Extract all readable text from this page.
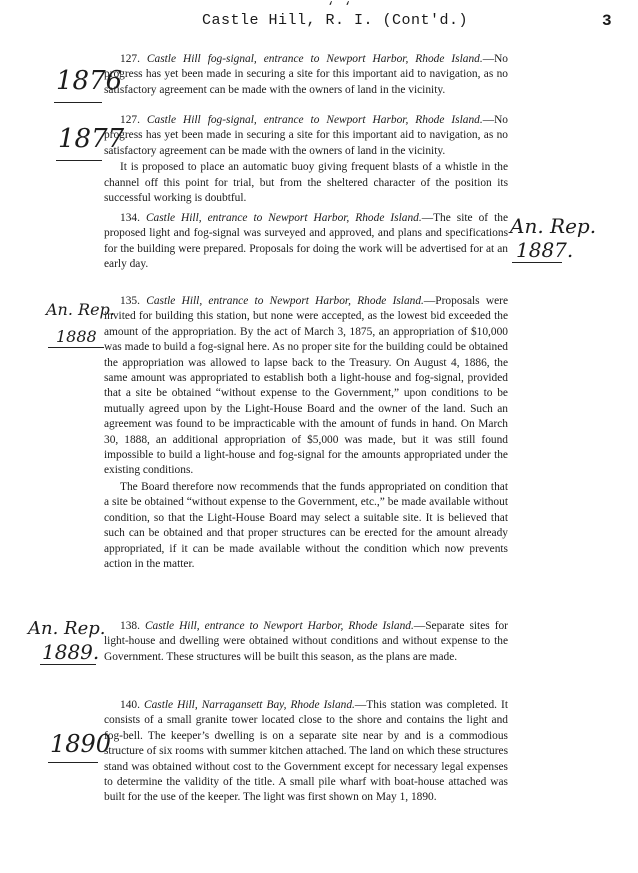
Castle Hill, R. I. (Cont'd.)	3
‘ ‘

127. Castle Hill fog-signal, entrance to Newport Harbor, Rhode Island.—No progress has yet been made in securing a site for this important aid to navigation, as no satisfactory agreement can be made with the owners of land in the vicinity.

127. Castle Hill fog-signal, entrance to Newport Harbor, Rhode Island.—No progress has yet been made in securing a site for this important aid to navigation, as no satisfactory agreement can be made with the owners of land in the vicinity.

It is proposed to place an automatic buoy giving frequent blasts of a whistle in the channel off this point for trial, but from the sheltered character of the position its successful working is doubtful.

134. Castle Hill, entrance to Newport Harbor, Rhode Island.—The site of the proposed light and fog-signal was surveyed and approved, and plans and specifications for the building were prepared. Proposals for doing the work will be advertised for at an early day.

135. Castle Hill, entrance to Newport Harbor, Rhode Island.—Proposals were invited for building this station, but none were accepted, as the lowest bid exceeded the amount of the appropriation. By the act of March 3, 1875, an appropriation of $10,000 was made to build a fog-signal here. As no proper site for the building could be obtained the appropriation was allowed to lapse back to the Treasury. On August 4, 1886, the same amount was appropriated to establish both a light-house and fog-signal, provided that a site be obtained “without expense to the Government,” upon conditions to be mutually agreed upon by the Light-House Board and the owner of the land. Such an agreement was found to be impracticable with the amount of funds in hand. On March 30, 1888, an additional appropriation of $5,000 was made, but it was still found impossible to build a light-house and fog-signal for the amounts appropriated under the existing conditions.

The Board therefore now recommends that the funds appropriated on condition that a site be obtained “without expense to the Government, etc.,” be made available without condition, so that the Light-House Board may select a suitable site. It is believed that such can be obtained and that proper structures can be erected for the amount already appropriated, if it can be made available without the condition which now prevents action in the matter.

138. Castle Hill, entrance to Newport Harbor, Rhode Island.—Separate sites for light-house and dwelling were obtained without conditions and without expense to the Government. These structures will be built this season, as the plans are made.

140. Castle Hill, Narragansett Bay, Rhode Island.—This station was completed. It consists of a small granite tower located close to the shore and contains the light and fog-bell. The keeper’s dwelling is on a separate site near by and is a commodious structure of six rooms with summer kitchen attached. The land on which these structures stand was obtained without cost to the Government except for necessary legal expenses to determine the validity of the title. A small pile wharf with boat-house attached was built for the use of the keeper. The light was first shown on May 1, 1890.

1876
1877
An. Rep.
1887.
An. Rep.
1888
An. Rep.
1889.
1890
